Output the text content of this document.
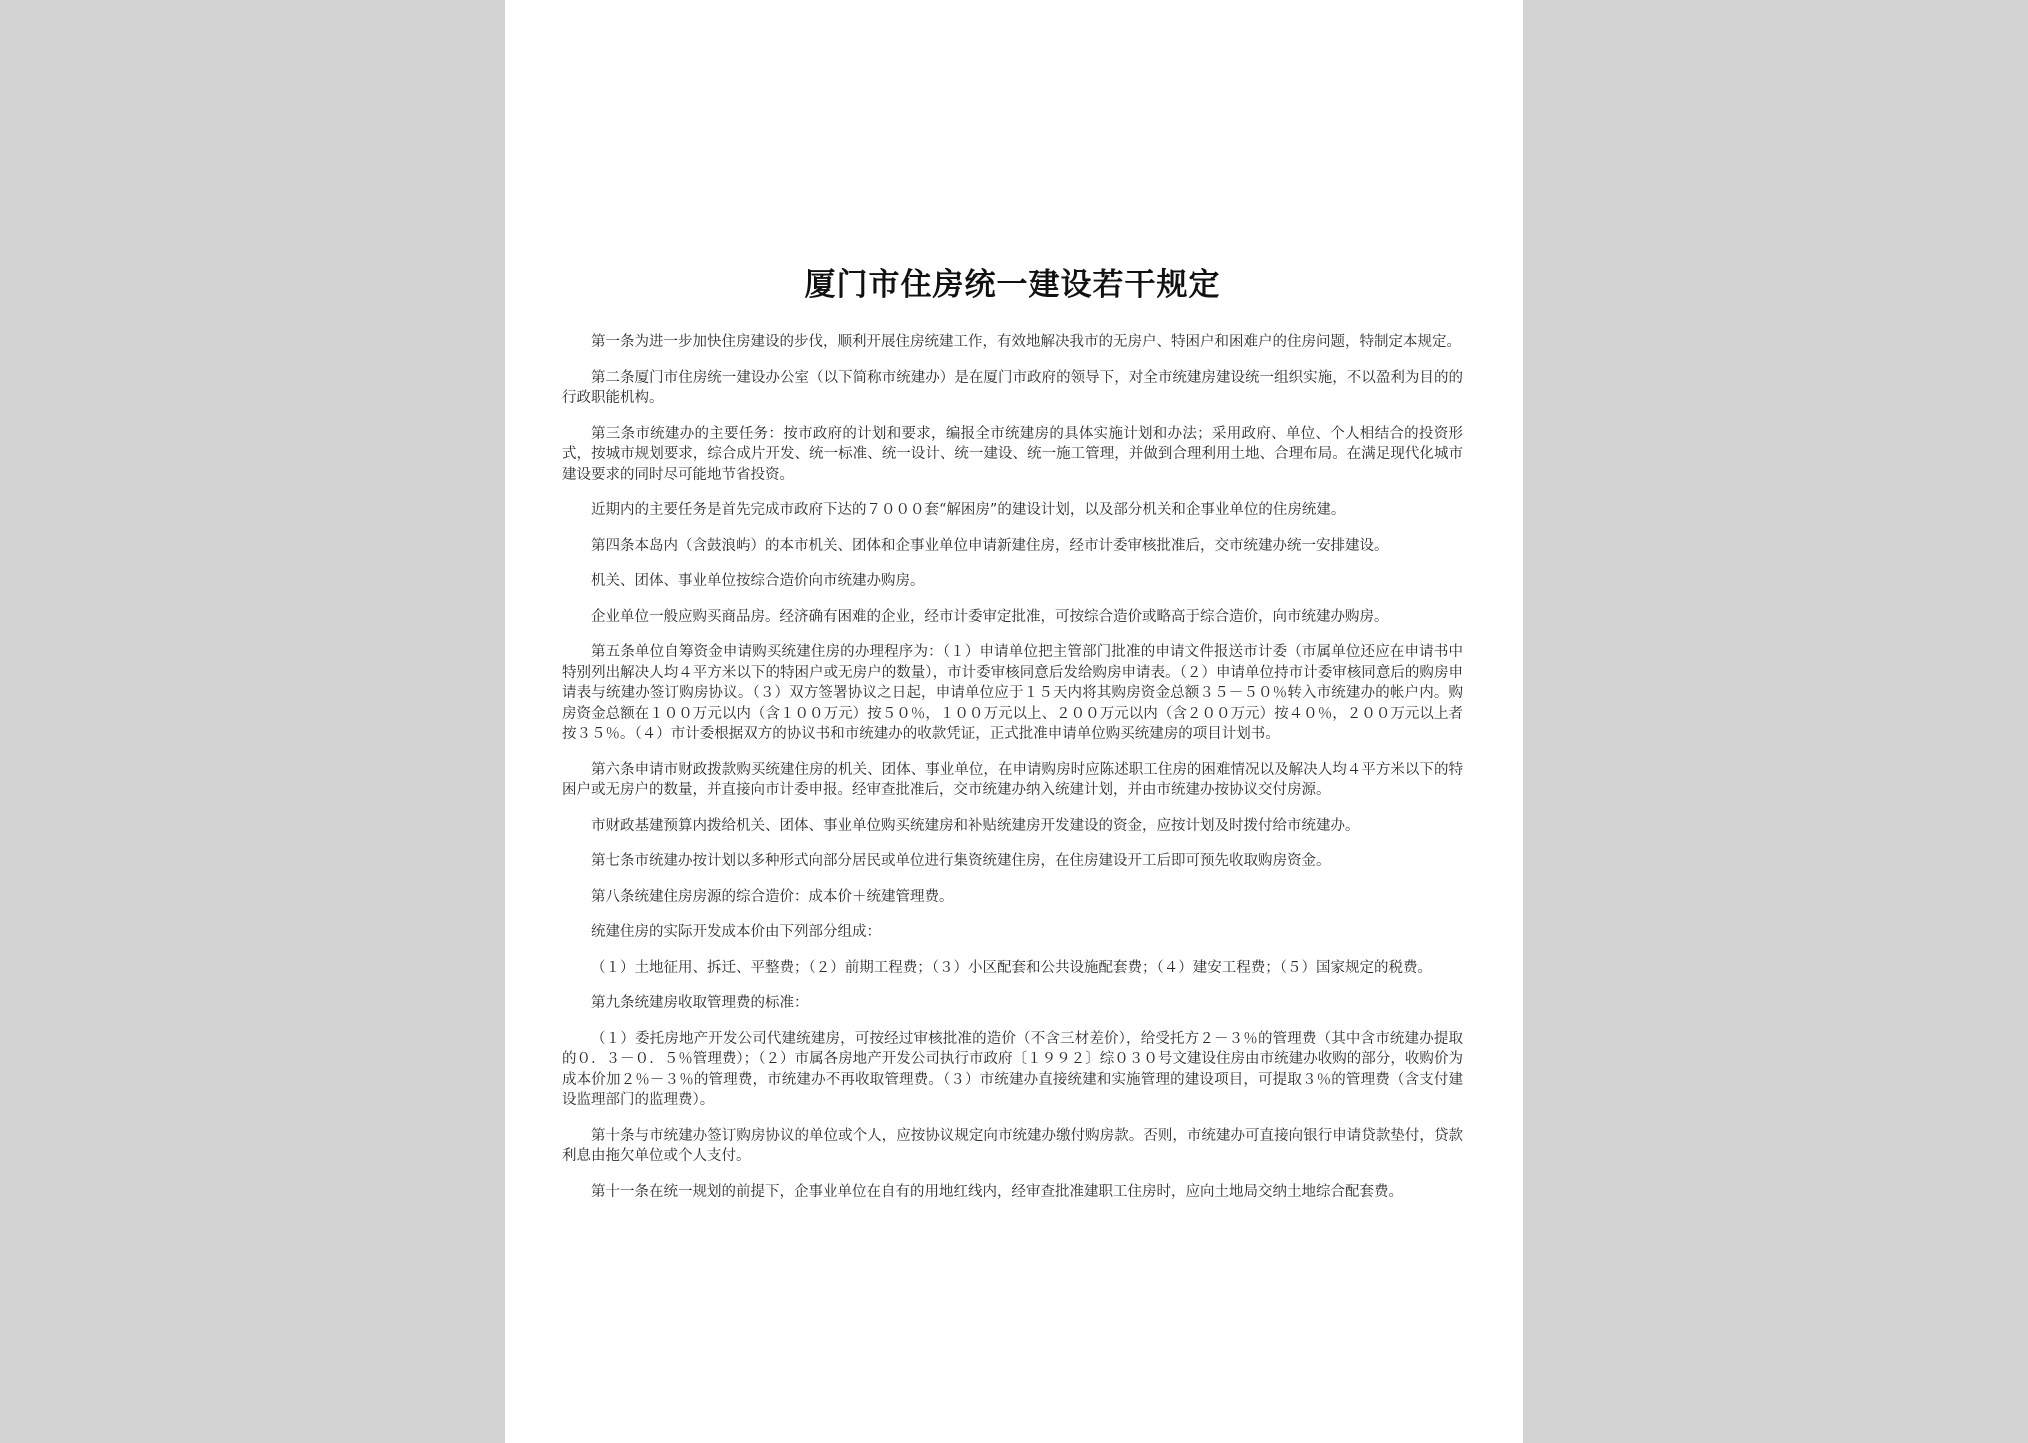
厦门市住房统一建设若干规定

第一条为进一步加快住房建设的步伐，顺利开展住房统建工作，有效地解决我市的无房户、特困户和困难户的住房问题，特制定本规定。

第二条厦门市住房统一建设办公室（以下简称市统建办）是在厦门市政府的领导下，对全市统建房建设统一组织实施，不以盈利为目的的行政职能机构。

第三条市统建办的主要任务：按市政府的计划和要求，编报全市统建房的具体实施计划和办法；采用政府、单位、个人相结合的投资形式，按城市规划要求，综合成片开发、统一标准、统一设计、统一建设、统一施工管理，并做到合理利用土地、合理布局。在满足现代化城市建设要求的同时尽可能地节省投资。

近期内的主要任务是首先完成市政府下达的７０００套“解困房”的建设计划，以及部分机关和企事业单位的住房统建。

第四条本岛内（含鼓浪屿）的本市机关、团体和企事业单位申请新建住房，经市计委审核批准后，交市统建办统一安排建设。

机关、团体、事业单位按综合造价向市统建办购房。

企业单位一般应购买商品房。经济确有困难的企业，经市计委审定批准，可按综合造价或略高于综合造价，向市统建办购房。

第五条单位自筹资金申请购买统建住房的办理程序为：（１）申请单位把主管部门批准的申请文件报送市计委（市属单位还应在申请书中特别列出解决人均４平方米以下的特困户或无房户的数量），市计委审核同意后发给购房申请表。（２）申请单位持市计委审核同意后的购房申请表与统建办签订购房协议。（３）双方签署协议之日起，申请单位应于１５天内将其购房资金总额３５－５０％转入市统建办的帐户内。购房资金总额在１００万元以内（含１００万元）按５０％，１００万元以上、２００万元以内（含２００万元）按４０％，２００万元以上者按３５％。（４）市计委根据双方的协议书和市统建办的收款凭证，正式批准申请单位购买统建房的项目计划书。

第六条申请市财政拨款购买统建住房的机关、团体、事业单位，在申请购房时应陈述职工住房的困难情况以及解决人均４平方米以下的特困户或无房户的数量，并直接向市计委申报。经审查批准后，交市统建办纳入统建计划，并由市统建办按协议交付房源。

市财政基建预算内拨给机关、团体、事业单位购买统建房和补贴统建房开发建设的资金，应按计划及时拨付给市统建办。

第七条市统建办按计划以多种形式向部分居民或单位进行集资统建住房，在住房建设开工后即可预先收取购房资金。

第八条统建住房房源的综合造价：成本价＋统建管理费。

统建住房的实际开发成本价由下列部分组成：

（１）土地征用、拆迁、平整费；（２）前期工程费；（３）小区配套和公共设施配套费；（４）建安工程费；（５）国家规定的税费。

第九条统建房收取管理费的标准：

（１）委托房地产开发公司代建统建房，可按经过审核批准的造价（不含三材差价），给受托方２－３％的管理费（其中含市统建办提取的０．３－０．５％管理费）；（２）市属各房地产开发公司执行市政府〔１９９２〕综０３０号文建设住房由市统建办收购的部分，收购价为成本价加２％－３％的管理费，市统建办不再收取管理费。（３）市统建办直接统建和实施管理的建设项目，可提取３％的管理费（含支付建设监理部门的监理费）。

第十条与市统建办签订购房协议的单位或个人，应按协议规定向市统建办缴付购房款。否则，市统建办可直接向银行申请贷款垫付，贷款利息由拖欠单位或个人支付。

第十一条在统一规划的前提下，企事业单位在自有的用地红线内，经审查批准建职工住房时，应向土地局交纳土地综合配套费。
